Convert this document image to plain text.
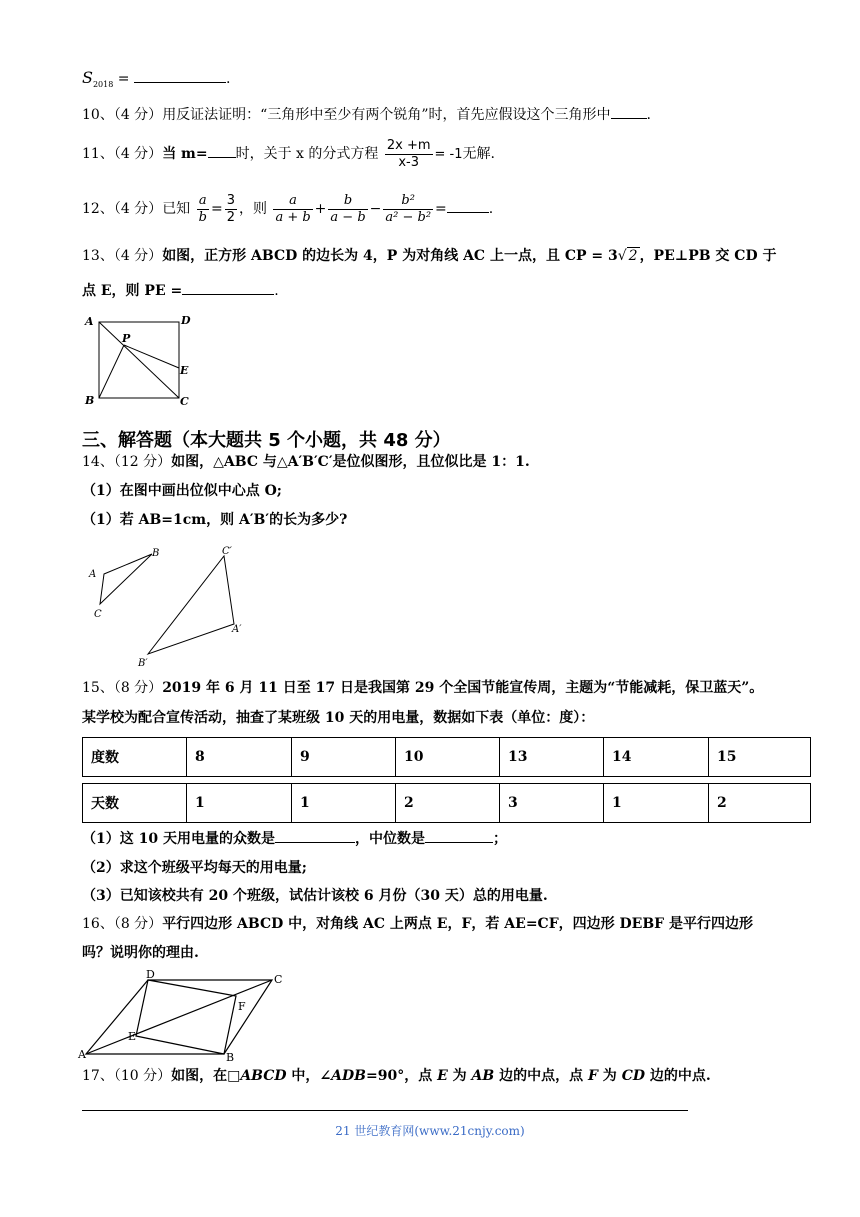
$S_{2018}$ =	.
10、（4 分）用反证法证明：“三角形中至少有两个锐角”时，首先应假设这个三角形中	.
11、（4 分）当 m= 时，关于 x 的分式方程 $\frac{2x +m}{x-3} = -1$无解.
12、（4 分）已知 $\frac{a}{b} = \frac{3}{2}$ ，则 $\frac{a}{a + b} + \frac{b}{a - b} - \frac{\text{b²}}{\text{a² − b²}}$ =	.
13、（4 分）如图，正方形 ABCD 的边长为 4，P 为对角线 AC 上一点，且 CP = 3√ 2 ，PE⊥PB 交 CD 于
点 E，则 PE =	.
A	D
P
E
B	C
三、解答题（本大题共 5 个小题，共 48 分）
14、（12 分）如图，△ABC 与△A′B′C′是位似图形，且位似比是 1：1.
（1）在图中画出位似中心点 O;
（1）若 AB=1cm，则 A′B′的长为多少?
A
B
C
A′
B′
C′
15、（8 分）2019 年 6 月 11 日至 17 日是我国第 29 个全国节能宣传周，主题为“节能减耗，保卫蓝天”。
某学校为配合宣传活动，抽查了某班级 10 天的用电量，数据如下表（单位：度）：
度数	8	9	10	13	14	15
天数	1	1	2	3	1	2
（1）这 10 天用电量的众数是	，中位数是	；
（2）求这个班级平均每天的用电量;
（3）已知该校共有 20 个班级，试估计该校 6 月份（30 天）总的用电量.
16、（8 分）平行四边形 ABCD 中，对角线 AC 上两点 E，F，若 AE=CF，四边形 DEBF 是平行四边形
吗？说明你的理由.
A	B
C
D
E
F
17、（10 分）如图，在□ABCD 中，∠ADB=90°，点 E 为 AB 边的中点，点 F 为 CD 边的中点.
21 世纪教育网(www.21cnjy.com)
